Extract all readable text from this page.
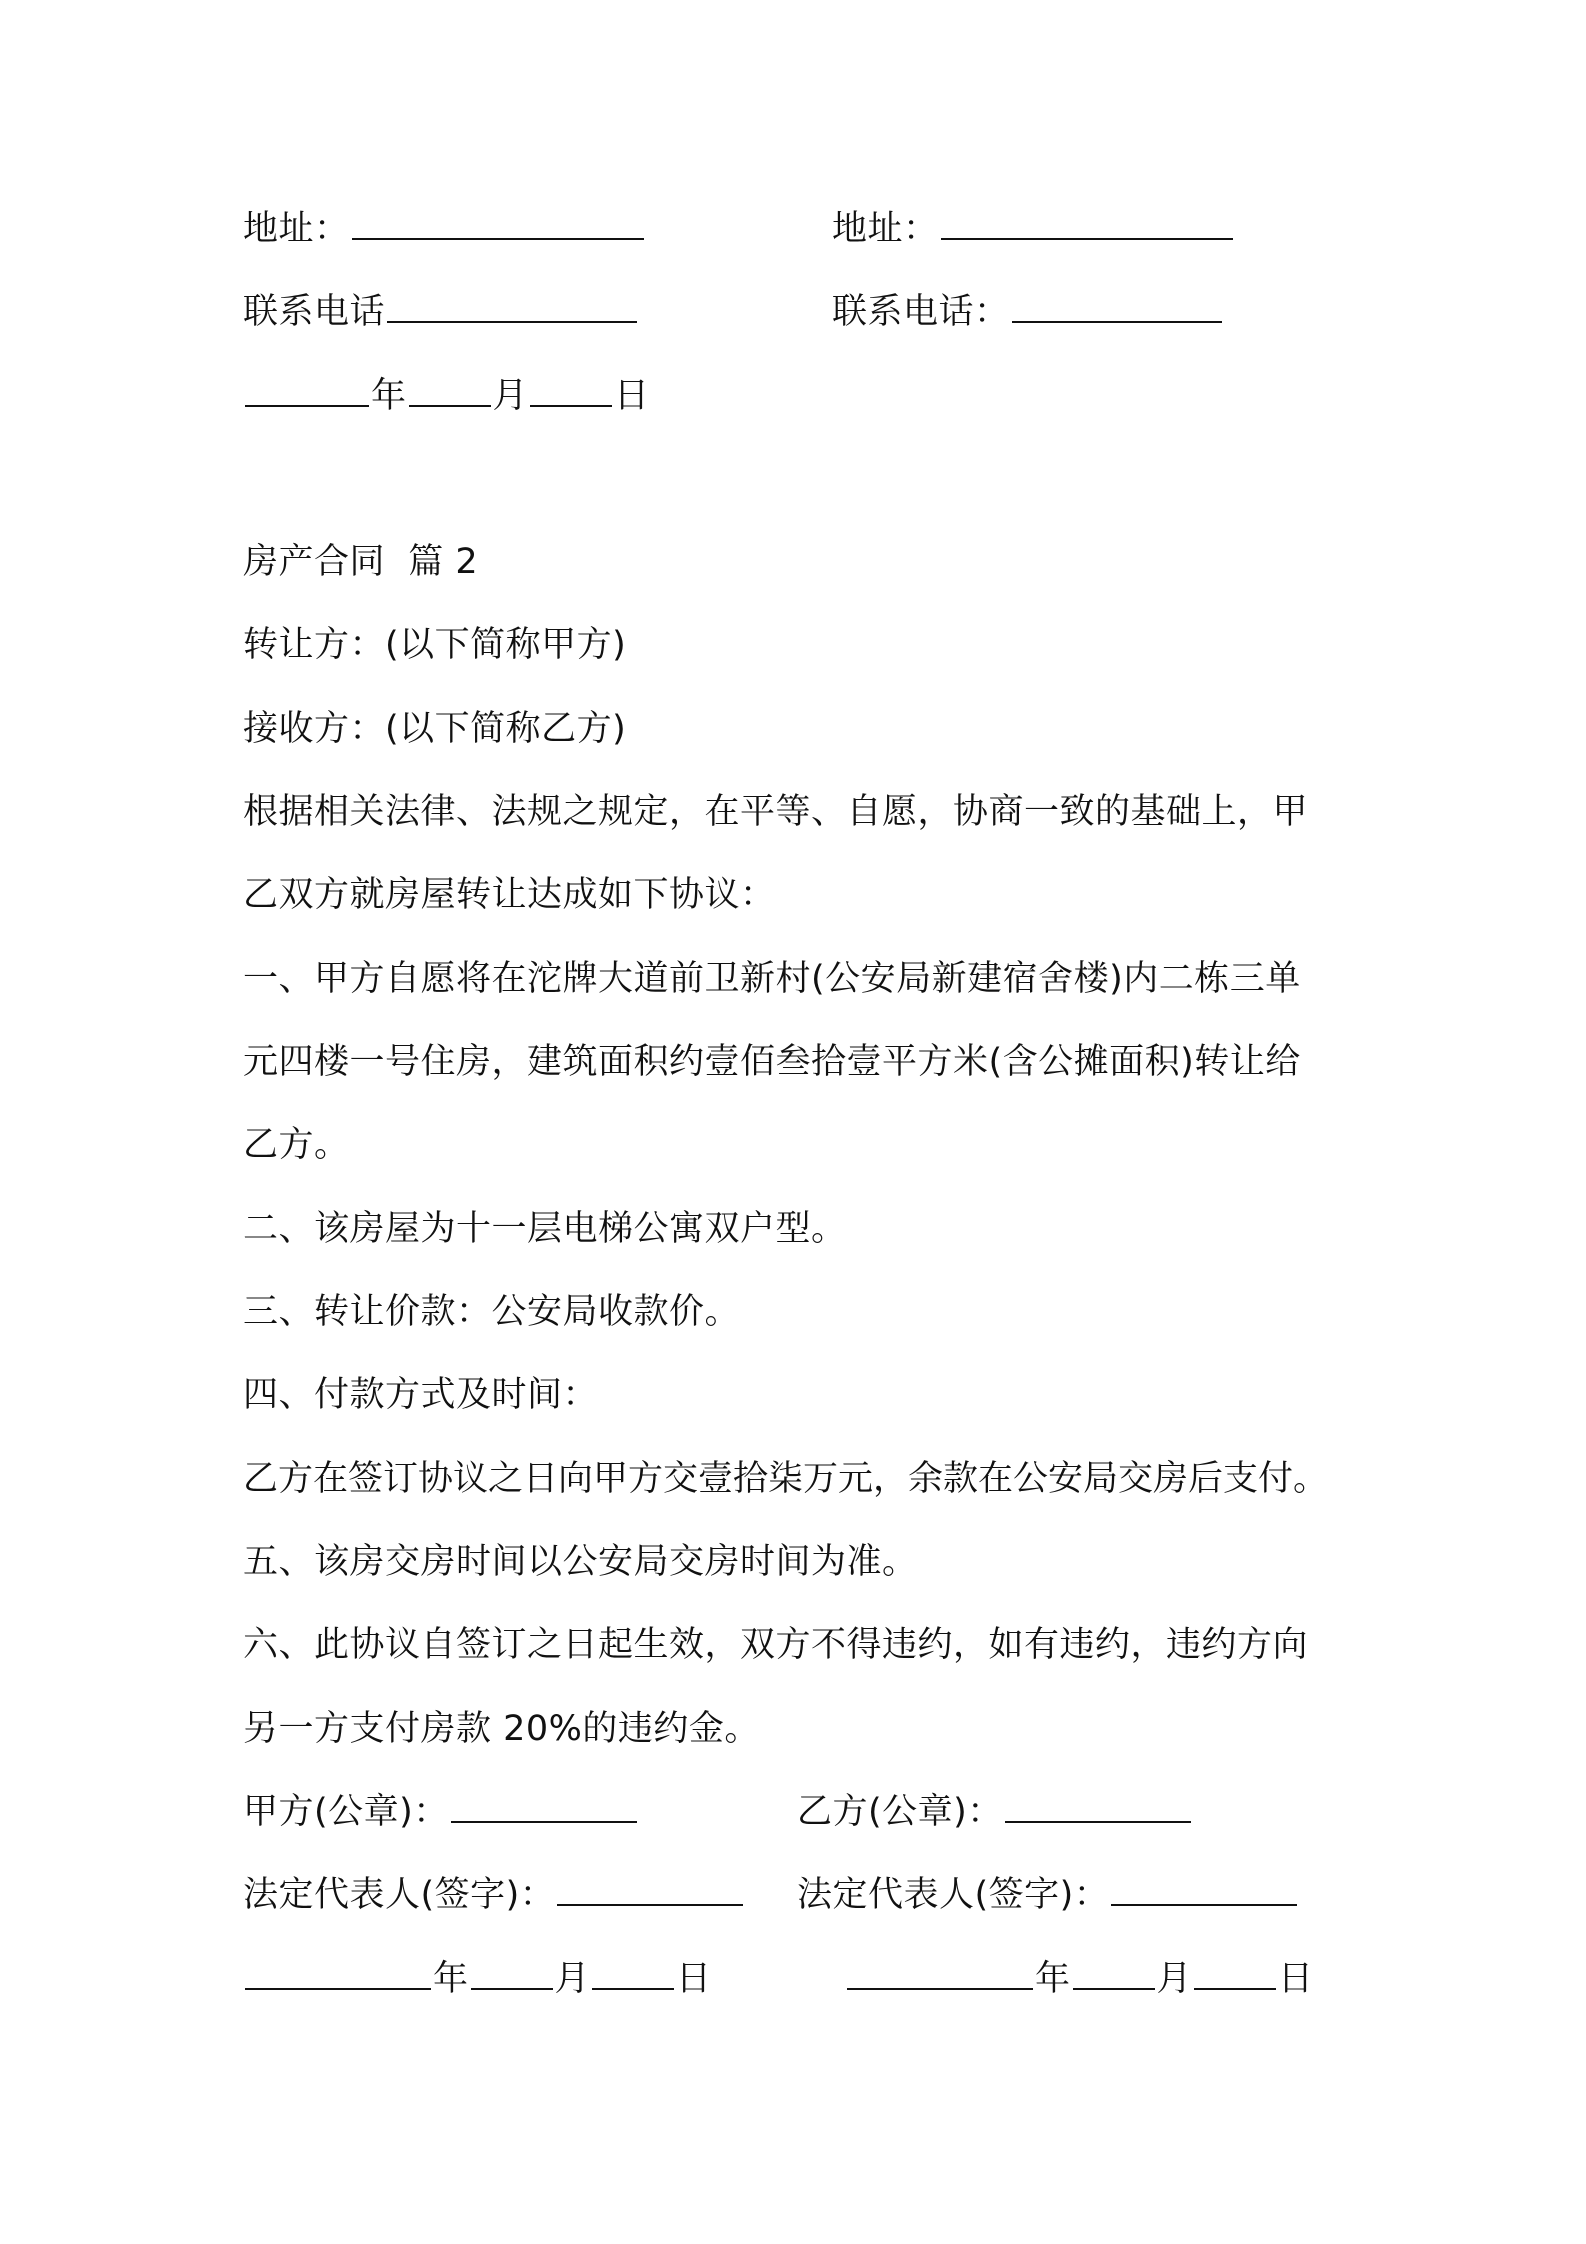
地址：	地址：
联系电话	联系电话：
年 月 日
房产合同  篇 2
转让方：(以下简称甲方)
接收方：(以下简称乙方)
根据相关法律、法规之规定，在平等、自愿，协商一致的基础上，甲
乙双方就房屋转让达成如下协议：
一、甲方自愿将在沱牌大道前卫新村(公安局新建宿舍楼)内二栋三单
元四楼一号住房，建筑面积约壹佰叁拾壹平方米(含公摊面积)转让给
乙方。
二、该房屋为十一层电梯公寓双户型。
三、转让价款：公安局收款价。
四、付款方式及时间：
乙方在签订协议之日向甲方交壹拾柒万元，余款在公安局交房后支付。
五、该房交房时间以公安局交房时间为准。
六、此协议自签订之日起生效，双方不得违约，如有违约，违约方向
另一方支付房款 20%的违约金。
甲方(公章)：	乙方(公章)：
法定代表人(签字)：	法定代表人(签字)：
年 月 日	年 月 日
